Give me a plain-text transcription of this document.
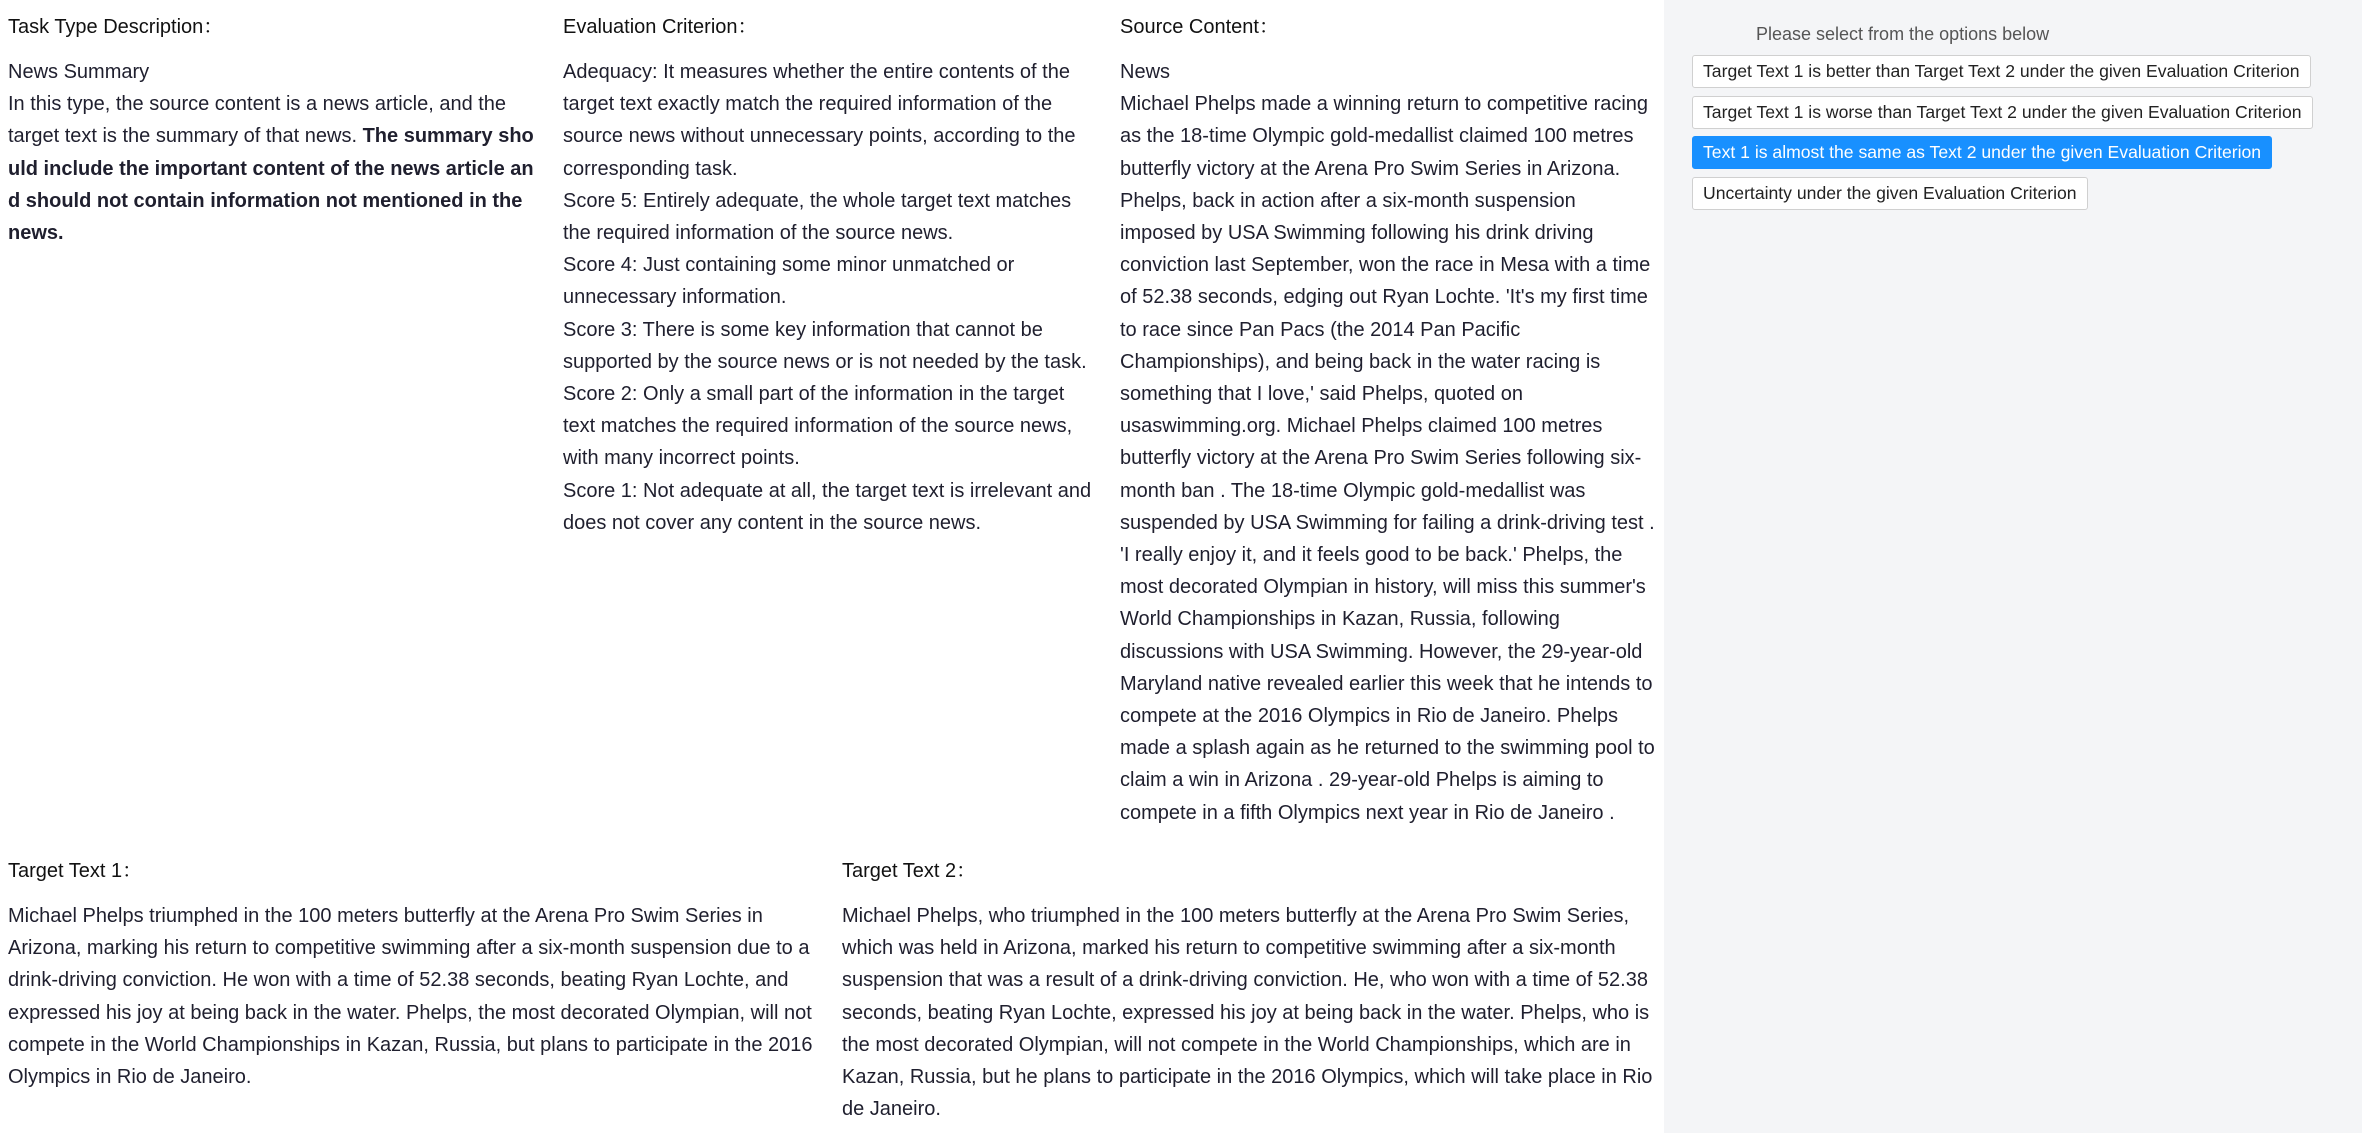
Task Type Description：

News Summary

In this type, the source content is a news article, and the target text is the summary of that news. The summary should include the important content of the news article and should not contain information not mentioned in the news.

Evaluation Criterion：

Adequacy: It measures whether the entire contents of the target text exactly match the required information of the source news without unnecessary points, according to the corresponding task.

Score 5: Entirely adequate, the whole target text matches the required information of the source news.

Score 4: Just containing some minor unmatched or unnecessary information.

Score 3: There is some key information that cannot be supported by the source news or is not needed by the task.

Score 2: Only a small part of the information in the target text matches the required information of the source news, with many incorrect points.

Score 1: Not adequate at all, the target text is irrelevant and does not cover any content in the source news.

Source Content：

News

Michael Phelps made a winning return to competitive racing as the 18-time Olympic gold-medallist claimed 100 metres butterfly victory at the Arena Pro Swim Series in Arizona. Phelps, back in action after a six-month suspension imposed by USA Swimming following his drink driving conviction last September, won the race in Mesa with a time of 52.38 seconds, edging out Ryan Lochte. 'It's my first time to race since Pan Pacs (the 2014 Pan Pacific Championships), and being back in the water racing is something that I love,' said Phelps, quoted on usaswimming.org. Michael Phelps claimed 100 metres butterfly victory at the Arena Pro Swim Series following six-month ban . The 18-time Olympic gold-medallist was suspended by USA Swimming for failing a drink-driving test . 'I really enjoy it, and it feels good to be back.' Phelps, the most decorated Olympian in history, will miss this summer's World Championships in Kazan, Russia, following discussions with USA Swimming. However, the 29-year-old Maryland native revealed earlier this week that he intends to compete at the 2016 Olympics in Rio de Janeiro. Phelps made a splash again as he returned to the swimming pool to claim a win in Arizona . 29-year-old Phelps is aiming to compete in a fifth Olympics next year in Rio de Janeiro .

Target Text 1：

Michael Phelps triumphed in the 100 meters butterfly at the Arena Pro Swim Series in Arizona, marking his return to competitive swimming after a six-month suspension due to a drink-driving conviction. He won with a time of 52.38 seconds, beating Ryan Lochte, and expressed his joy at being back in the water. Phelps, the most decorated Olympian, will not compete in the World Championships in Kazan, Russia, but plans to participate in the 2016 Olympics in Rio de Janeiro.

Target Text 2：

Michael Phelps, who triumphed in the 100 meters butterfly at the Arena Pro Swim Series, which was held in Arizona, marked his return to competitive swimming after a six-month suspension that was a result of a drink-driving conviction. He, who won with a time of 52.38 seconds, beating Ryan Lochte, expressed his joy at being back in the water. Phelps, who is the most decorated Olympian, will not compete in the World Championships, which are in Kazan, Russia, but he plans to participate in the 2016 Olympics, which will take place in Rio de Janeiro.

Please select from the options below
Target Text 1 is better than Target Text 2 under the given Evaluation Criterion
Target Text 1 is worse than Target Text 2 under the given Evaluation Criterion
Text 1 is almost the same as Text 2 under the given Evaluation Criterion
Uncertainty under the given Evaluation Criterion
